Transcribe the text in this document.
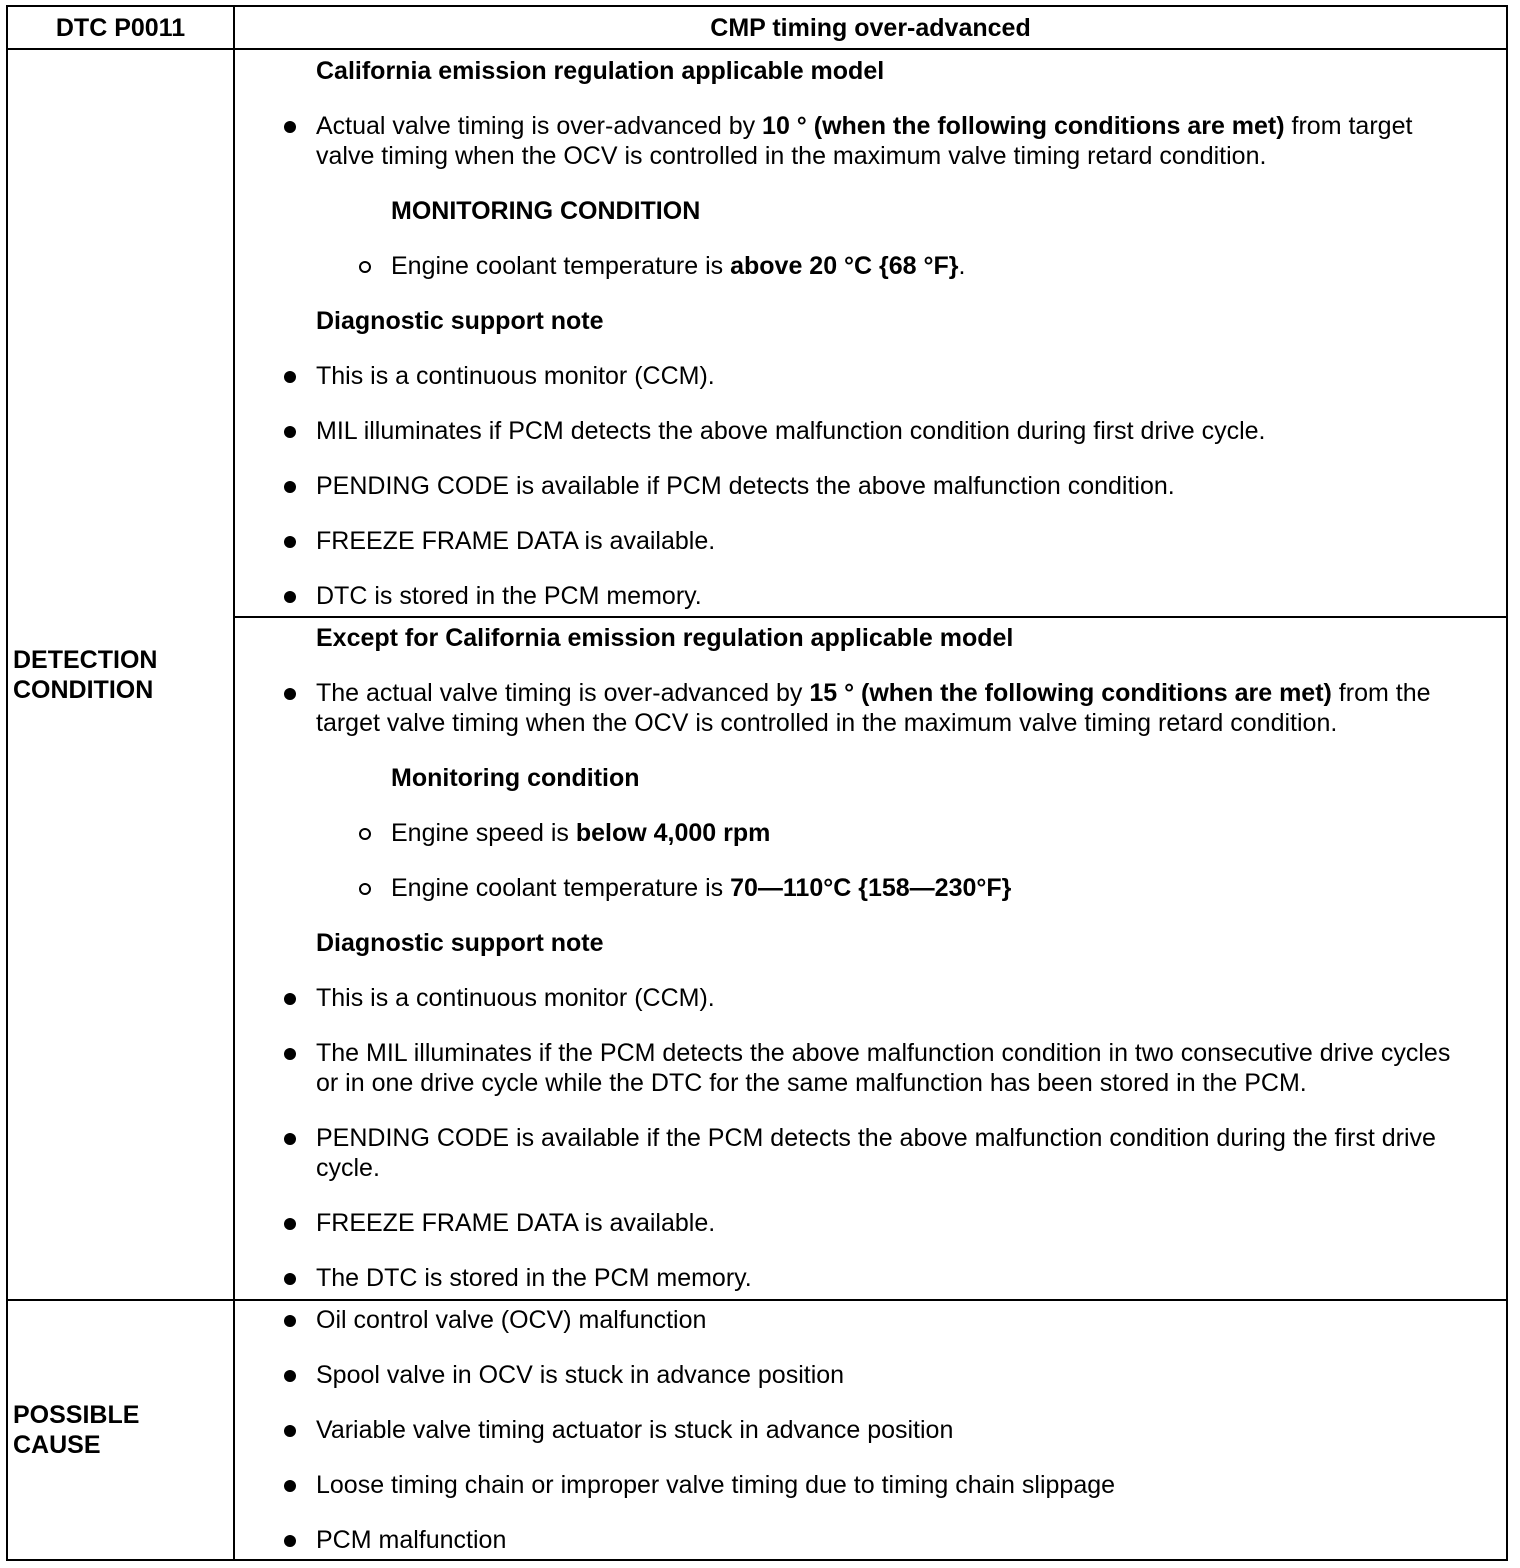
DTC P0011	CMP timing over-advanced
DETECTION CONDITION
California emission regulation applicable model
Actual valve timing is over-advanced by 10 ° (when the following conditions are met) from target valve timing when the OCV is controlled in the maximum valve timing retard condition.
MONITORING CONDITION
Engine coolant temperature is above 20 °C {68 °F}.
Diagnostic support note
This is a continuous monitor (CCM).
MIL illuminates if PCM detects the above malfunction condition during first drive cycle.
PENDING CODE is available if PCM detects the above malfunction condition.
FREEZE FRAME DATA is available.
DTC is stored in the PCM memory.
Except for California emission regulation applicable model
The actual valve timing is over-advanced by 15 ° (when the following conditions are met) from the target valve timing when the OCV is controlled in the maximum valve timing retard condition.
Monitoring condition
Engine speed is below 4,000 rpm
Engine coolant temperature is 70—110°C {158—230°F}
Diagnostic support note
This is a continuous monitor (CCM).
The MIL illuminates if the PCM detects the above malfunction condition in two consecutive drive cycles or in one drive cycle while the DTC for the same malfunction has been stored in the PCM.
PENDING CODE is available if the PCM detects the above malfunction condition during the first drive cycle.
FREEZE FRAME DATA is available.
The DTC is stored in the PCM memory.
POSSIBLE CAUSE
Oil control valve (OCV) malfunction
Spool valve in OCV is stuck in advance position
Variable valve timing actuator is stuck in advance position
Loose timing chain or improper valve timing due to timing chain slippage
PCM malfunction
